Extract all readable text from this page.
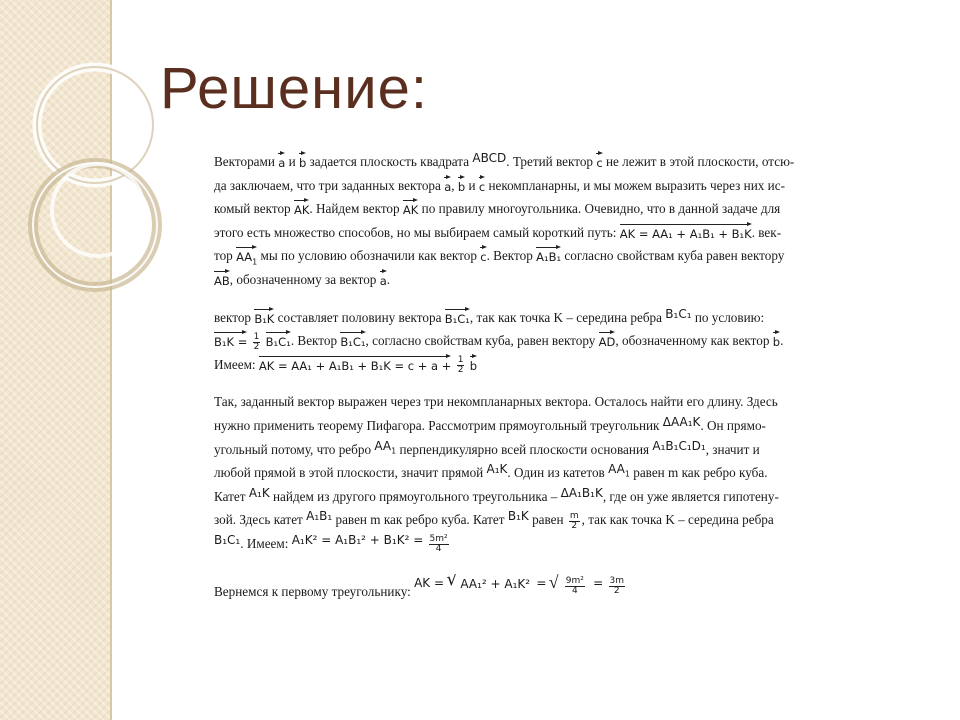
Решение:
Векторами a и b задается плоскость квадрата ABCD. Третий вектор c не лежит в этой плоскости, отсю-
да заключаем, что три заданных вектора a, b и c некомпланарны, и мы можем выразить через них ис-
комый вектор AK. Найдем вектор AK по правилу многоугольника. Очевидно, что в данной задаче для
этого есть множество способов, но мы выбираем самый короткий путь: AK = AA₁ + A₁B₁ + B₁K. век-
тор $AA_1$ мы по условию обозначили как вектор c. Вектор A₁B₁ согласно свойствам куба равен вектору
AB, обозначенному за вектор a.
вектор B₁K составляет половину вектора B₁C₁, так как точка K – середина ребра B₁C₁ по условию:
$B_1K = \frac{1}{2} B_1C_1$. Вектор B₁C₁, согласно свойствам куба, равен вектору AD, обозначенному как вектор b.
Имеем: AK = $AA_1 + A_1B_1 + B_1K = c + a + \frac{1}{2}$ b
Так, заданный вектор выражен через три некомпланарных вектора. Осталось найти его длину. Здесь
нужно применить теорему Пифагора. Рассмотрим прямоугольный треугольник ΔAA₁K. Он прямо-
угольный потому, что ребро $AA_1$ перпендикулярно всей плоскости основания A₁B₁C₁D₁, значит и
любой прямой в этой плоскости, значит прямой A₁K. Один из катетов $AA_1$ равен m как ребро куба.
Катет A₁K найдем из другого прямоугольного треугольника – ΔA₁B₁K, где он уже является гипотену-
зой. Здесь катет A₁B₁ равен m как ребро куба. Катет B₁K равен $\frac{m}{2}$ , так как точка K – середина ребра
B₁C₁. Имеем: $A_1K^2 = A_1B_1^2 + B_1K^2 = \frac{\text{5m²}}{4}$
Вернемся к первому треугольнику: AK = √ AA₁² + A₁K² = √ $\frac{\text{9m²}}{4} = \frac{3m}{2}$
